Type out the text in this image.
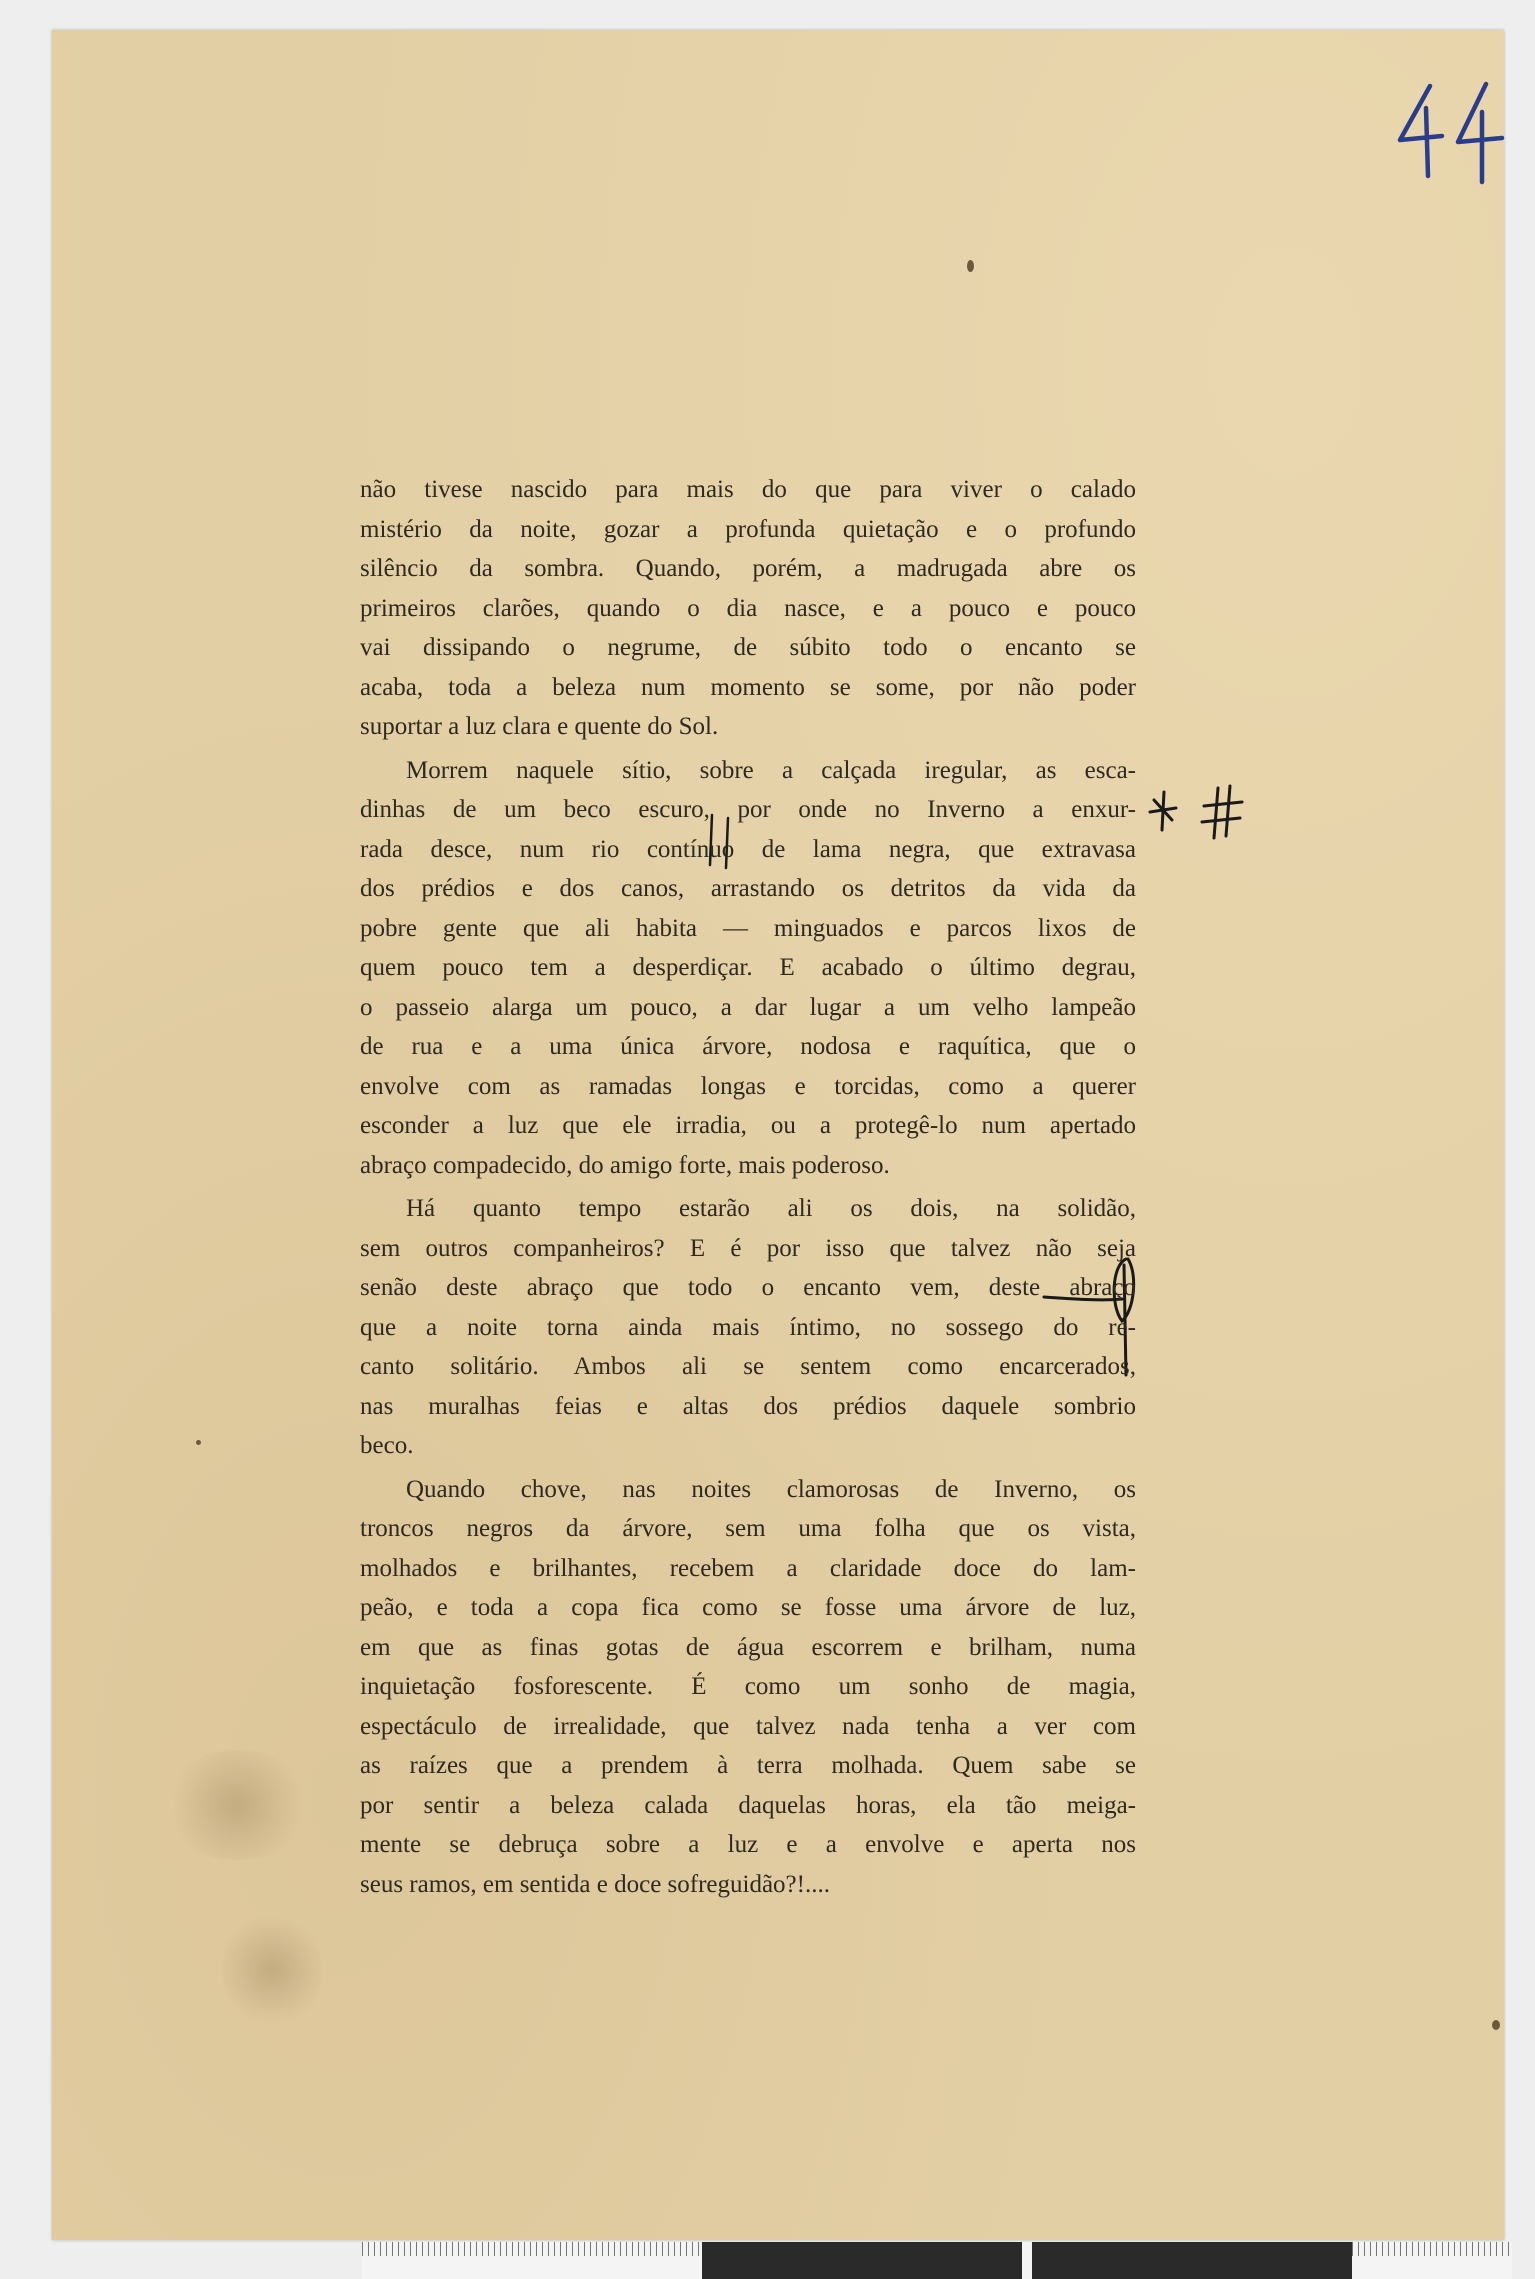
não tivese nascido para mais do que para viver o calado
mistério da noite, gozar a profunda quietação e o profundo
silêncio da sombra. Quando, porém, a madrugada abre os
primeiros clarões, quando o dia nasce, e a pouco e pouco
vai dissipando o negrume, de súbito todo o encanto se
acaba, toda a beleza num momento se some, por não poder
suportar a luz clara e quente do Sol.
Morrem naquele sítio, sobre a calçada iregular, as esca-
dinhas de um beco escuro, por onde no Inverno a enxur-
rada desce, num rio contínuo de lama negra, que extravasa
dos prédios e dos canos, arrastando os detritos da vida da
pobre gente que ali habita — minguados e parcos lixos de
quem pouco tem a desperdiçar. E acabado o último degrau,
o passeio alarga um pouco, a dar lugar a um velho lampeão
de rua e a uma única árvore, nodosa e raquítica, que o
envolve com as ramadas longas e torcidas, como a querer
esconder a luz que ele irradia, ou a protegê-lo num apertado
abraço compadecido, do amigo forte, mais poderoso.
Há quanto tempo estarão ali os dois, na solidão,
sem outros companheiros? E é por isso que talvez não seja
senão deste abraço que todo o encanto vem, deste abraço
que a noite torna ainda mais íntimo, no sossego do re-
canto solitário. Ambos ali se sentem como encarcerados,
nas muralhas feias e altas dos prédios daquele sombrio
beco.
Quando chove, nas noites clamorosas de Inverno, os
troncos negros da árvore, sem uma folha que os vista,
molhados e brilhantes, recebem a claridade doce do lam-
peão, e toda a copa fica como se fosse uma árvore de luz,
em que as finas gotas de água escorrem e brilham, numa
inquietação fosforescente. É como um sonho de magia,
espectáculo de irrealidade, que talvez nada tenha a ver com
as raízes que a prendem à terra molhada. Quem sabe se
por sentir a beleza calada daquelas horas, ela tão meiga-
mente se debruça sobre a luz e a envolve e aperta nos
seus ramos, em sentida e doce sofreguidão?!....
